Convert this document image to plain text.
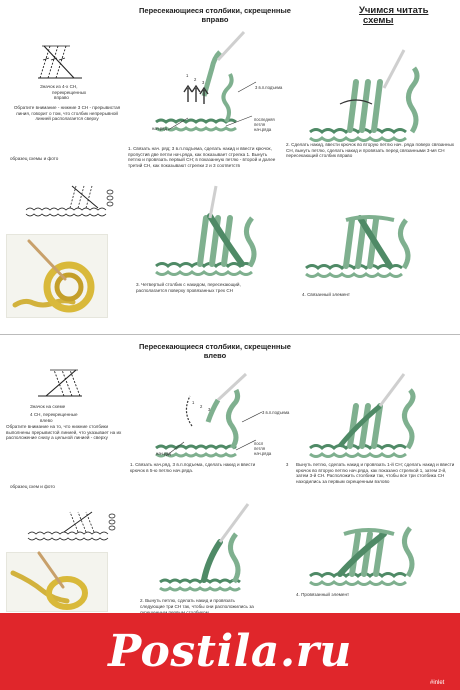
Пересекающиеся столбики, скрещенные
вправо
Учимся читать
схемы
Значок из 4-х СН,
перекрещенных
вправо
Обратите внимание - нижние 3 СН - прерывистая линия, говорит о том, что столбик непрерывной линией располагается сверху
образец схемы и фото
1
2
3
3 в.п.подъема
нач.ряд
последняя
петля
нач.ряда
1. Связать нач. ряд; 3 в.п.подъема, сделать накид и ввести крючок, пропустив две петли нач.ряда, как показывает стрелка 1. Вынуть петлю и провязать первый СН; в показанную петлю - второй и далее третий СН, как показывают стрелки 2 и 3 соответств
2. Сделать накид, ввести крючок во вторую петлю нач. ряда поверх связанных СН, вынуть петлю, сделать накид и провязать перед связанными 3-мя СН пересекающий столбик вправо
3. Четвертый столбик с накидом, пересекающий, располагается поверху провязанных трех СН
4. Связанный элемент
Пересекающиеся столбики, скрещенные
влево
Значок на схеме
4 СН, перекрещенные
влево
Обратите внимание на то, что нижние столбики выполнены прерывистой линией, что указывает на их расположение снизу а цельной линией - сверху
образец схем и фото
1
2
3
3 в.п.подъема
нач.ряд
посл
петля
нач.ряда
1. Связать нач.ряд, 3 в.п.подъема, сделать накид и ввести крючок в 5-ю петлю нач.ряда.
3 Вынуть петлю, сделать накид и провязать 1-й СН; сделать накид и ввести крючок во вторую петлю нач.ряда, как показано стрелкой 1, затем 2-й, затем 3-й СН. Расположить столбики так, чтобы все три столбика СН находились за первым скрещенным вэлово
2. Вынуть петлю, сделать накид и провязать
следующие три СН так, чтобы они расположились за
4. Провязанный элемент
Postila.ru
#inlet
